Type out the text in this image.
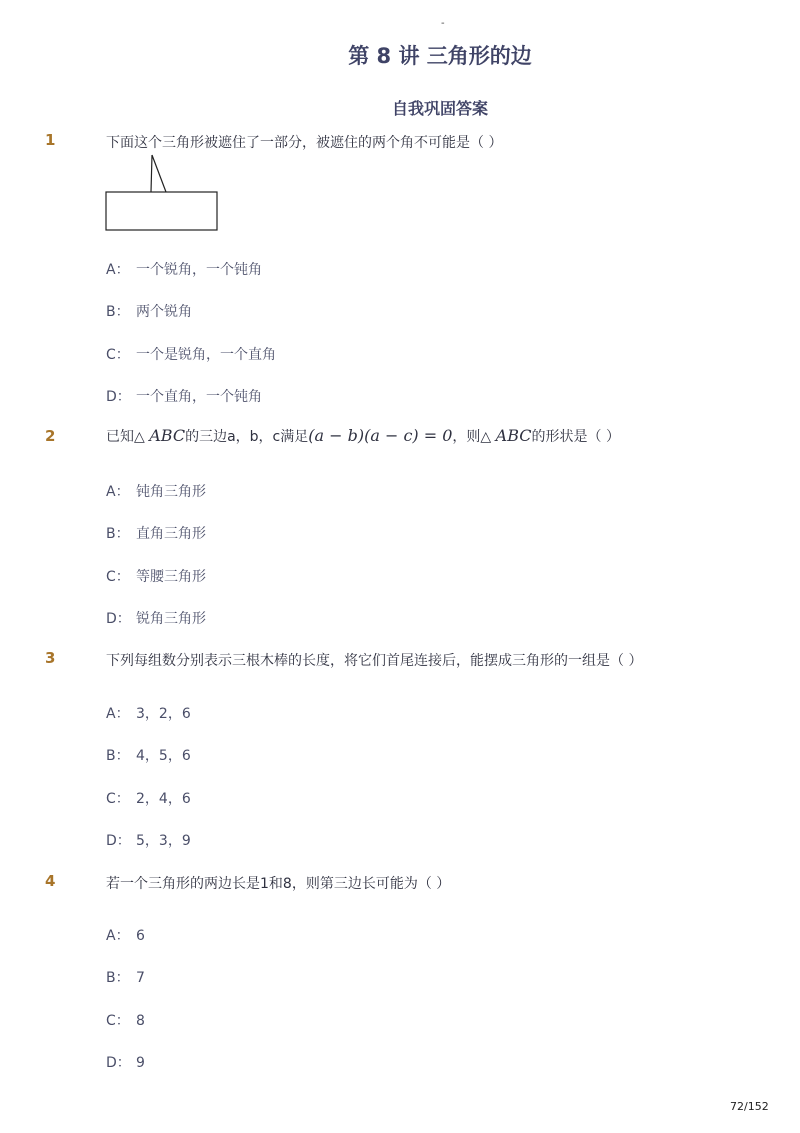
-
第 8 讲 三角形的边
自我巩固答案
1	下面这个三角形被遮住了一部分，被遮住的两个角不可能是（ ）
A： 一个锐角，一个钝角
B： 两个锐角
C： 一个是锐角，一个直角
D： 一个直角，一个钝角
2	已知△ ABC的三边a，b，c满足(a − b)(a − c) = 0，则△ ABC的形状是（ ）
A： 钝角三角形
B： 直角三角形
C： 等腰三角形
D： 锐角三角形
3	下列每组数分别表示三根木棒的长度，将它们首尾连接后，能摆成三角形的一组是（ ）
A： 3，2，6
B： 4，5，6
C： 2，4，6
D： 5，3，9
4	若一个三角形的两边长是1和8，则第三边长可能为（ ）
A： 6
B： 7
C： 8
D： 9
72/152
